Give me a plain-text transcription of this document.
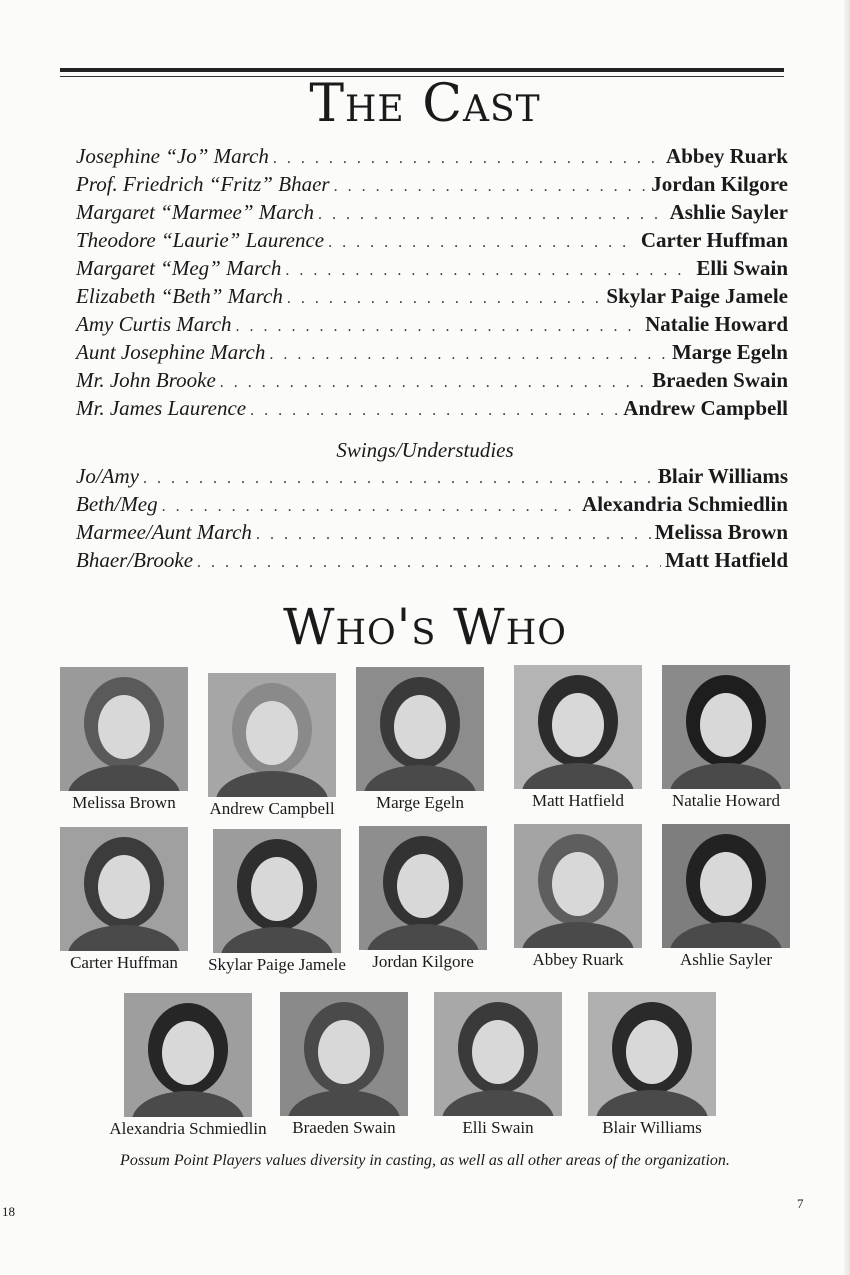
The Cast
Josephine “Jo” March . . .	Abbey Ruark
Prof. Friedrich “Fritz” Bhaer . . .	Jordan Kilgore
Margaret “Marmee” March . . .	Ashlie Sayler
Theodore “Laurie” Laurence . . .	Carter Huffman
Margaret “Meg” March . . .	Elli Swain
Elizabeth “Beth” March . . .	Skylar Paige Jamele
Amy Curtis March . . .	Natalie Howard
Aunt Josephine March . . .	Marge Egeln
Mr. John Brooke . . .	Braeden Swain
Mr. James Laurence . . .	Andrew Campbell

Swings/Understudies

Jo/Amy . . .	Blair Williams
Beth/Meg . . .	Alexandria Schmiedlin
Marmee/Aunt March . . .	Melissa Brown
Bhaer/Brooke . . .	Matt Hatfield
Who's Who
Melissa Brown Andrew Campbell Marge Egeln	Matt Hatfield	Natalie Howard
Carter Huffman Skylar Paige Jamele Jordan Kilgore	Abbey Ruark	Ashlie Sayler
Alexandria Schmiedlin Braeden Swain	Elli Swain	Blair Williams

Possum Point Players values diversity in casting, as well as all other areas of the organization.

18
7
